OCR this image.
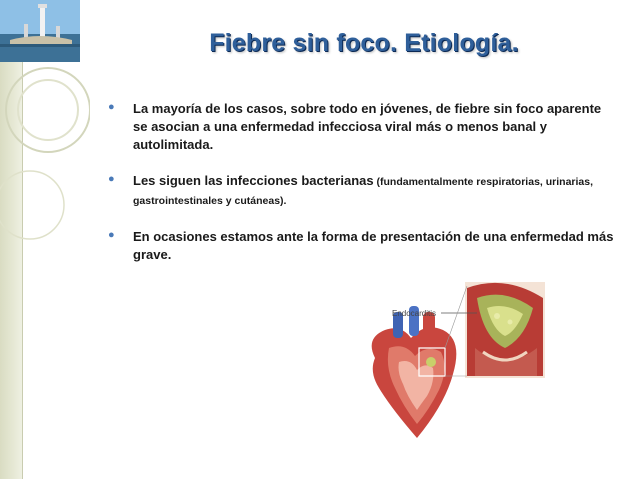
Fiebre sin foco. Etiología.
●	La mayoría de los casos, sobre todo en jóvenes, de fiebre sin foco aparente se asocian a una enfermedad infecciosa viral más o menos banal y autolimitada.
●	Les siguen las infecciones bacterianas (fundamentalmente respiratorias, urinarias, gastrointestinales y cutáneas).
●	En ocasiones estamos ante la forma de presentación de una enfermedad más grave.
Endocarditis
